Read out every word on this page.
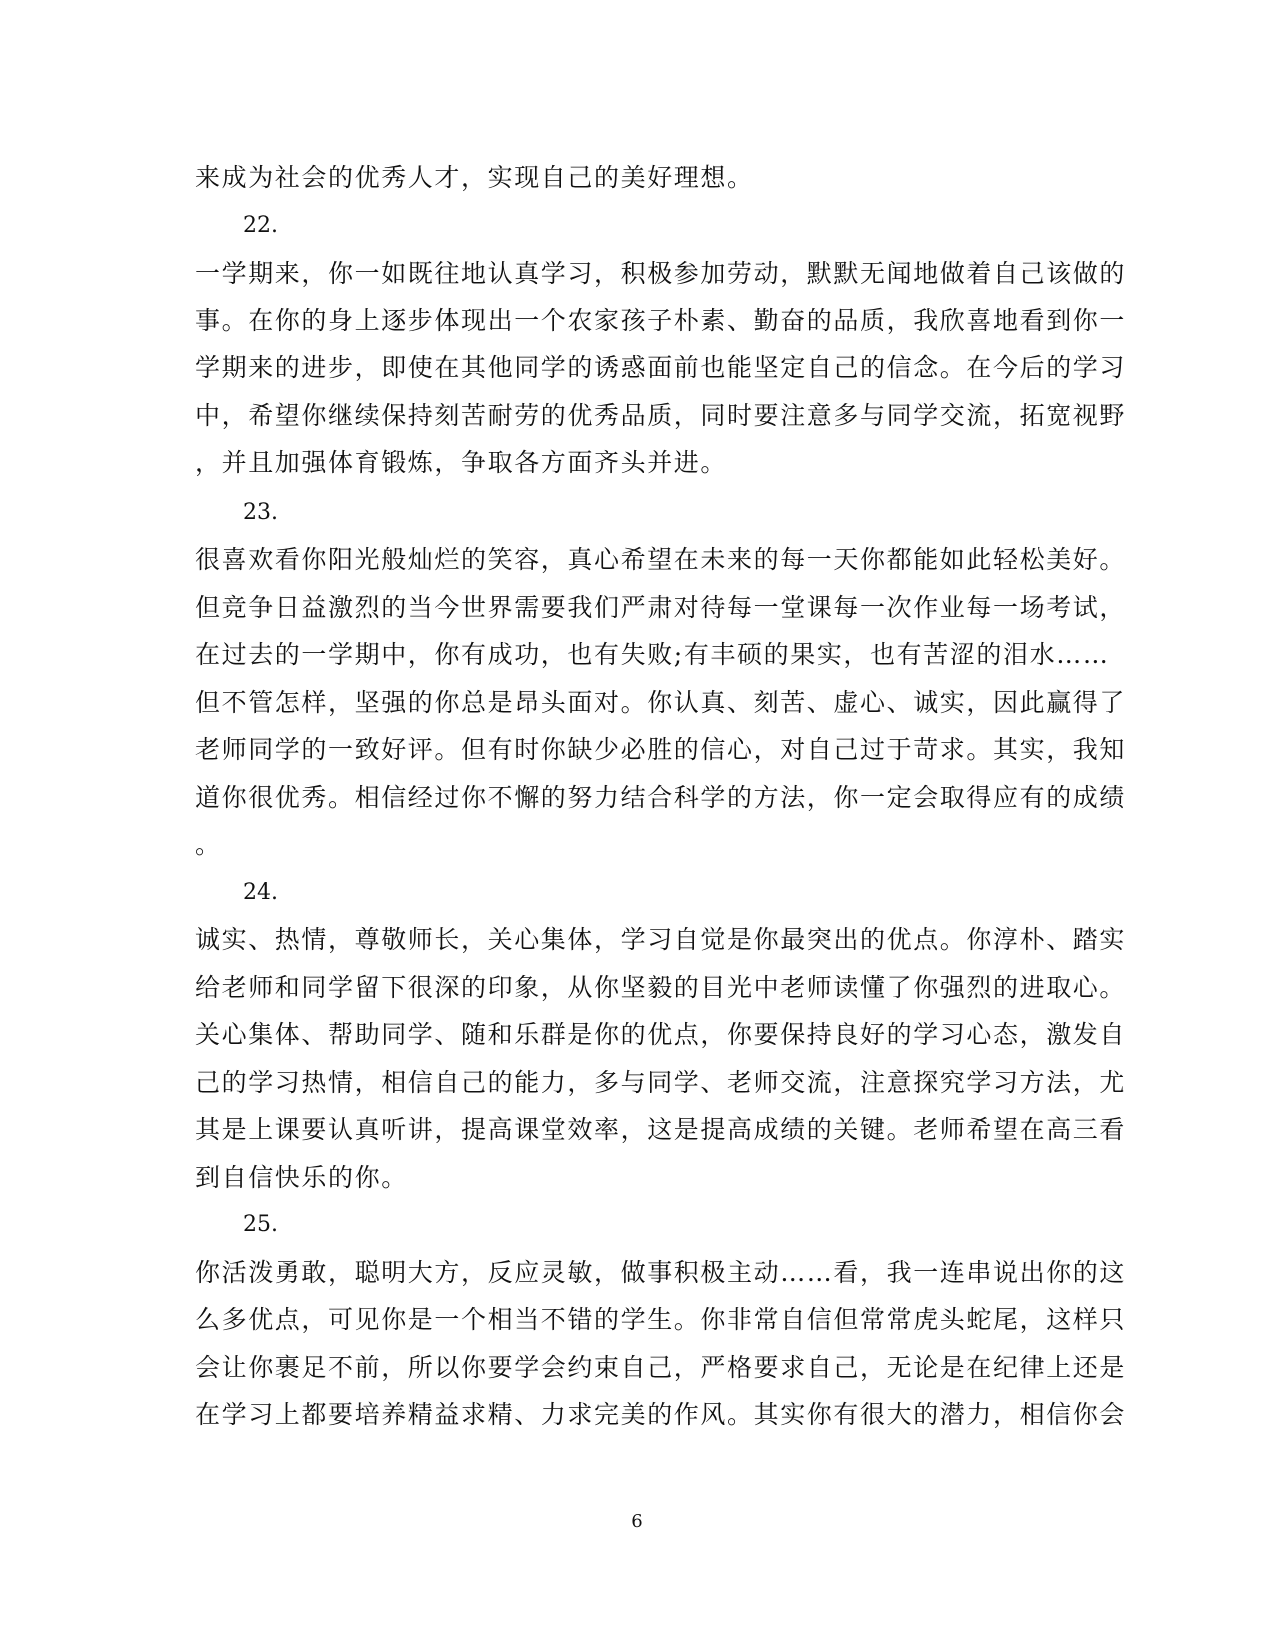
来成为社会的优秀人才，实现自己的美好理想。
22.
一学期来，你一如既往地认真学习，积极参加劳动，默默无闻地做着自己该做的
事。在你的身上逐步体现出一个农家孩子朴素、勤奋的品质，我欣喜地看到你一
学期来的进步，即使在其他同学的诱惑面前也能坚定自己的信念。在今后的学习
中，希望你继续保持刻苦耐劳的优秀品质，同时要注意多与同学交流，拓宽视野
，并且加强体育锻炼，争取各方面齐头并进。
23.
很喜欢看你阳光般灿烂的笑容，真心希望在未来的每一天你都能如此轻松美好。
但竞争日益激烈的当今世界需要我们严肃对待每一堂课每一次作业每一场考试，
在过去的一学期中，你有成功，也有失败;有丰硕的果实，也有苦涩的泪水……
但不管怎样，坚强的你总是昂头面对。你认真、刻苦、虚心、诚实，因此赢得了
老师同学的一致好评。但有时你缺少必胜的信心，对自己过于苛求。其实，我知
道你很优秀。相信经过你不懈的努力结合科学的方法，你一定会取得应有的成绩
。
24.
诚实、热情，尊敬师长，关心集体，学习自觉是你最突出的优点。你淳朴、踏实
给老师和同学留下很深的印象，从你坚毅的目光中老师读懂了你强烈的进取心。
关心集体、帮助同学、随和乐群是你的优点，你要保持良好的学习心态，激发自
己的学习热情，相信自己的能力，多与同学、老师交流，注意探究学习方法，尤
其是上课要认真听讲，提高课堂效率，这是提高成绩的关键。老师希望在高三看
到自信快乐的你。
25.
你活泼勇敢，聪明大方，反应灵敏，做事积极主动……看，我一连串说出你的这
么多优点，可见你是一个相当不错的学生。你非常自信但常常虎头蛇尾，这样只
会让你裹足不前，所以你要学会约束自己，严格要求自己，无论是在纪律上还是
在学习上都要培养精益求精、力求完美的作风。其实你有很大的潜力，相信你会
6
